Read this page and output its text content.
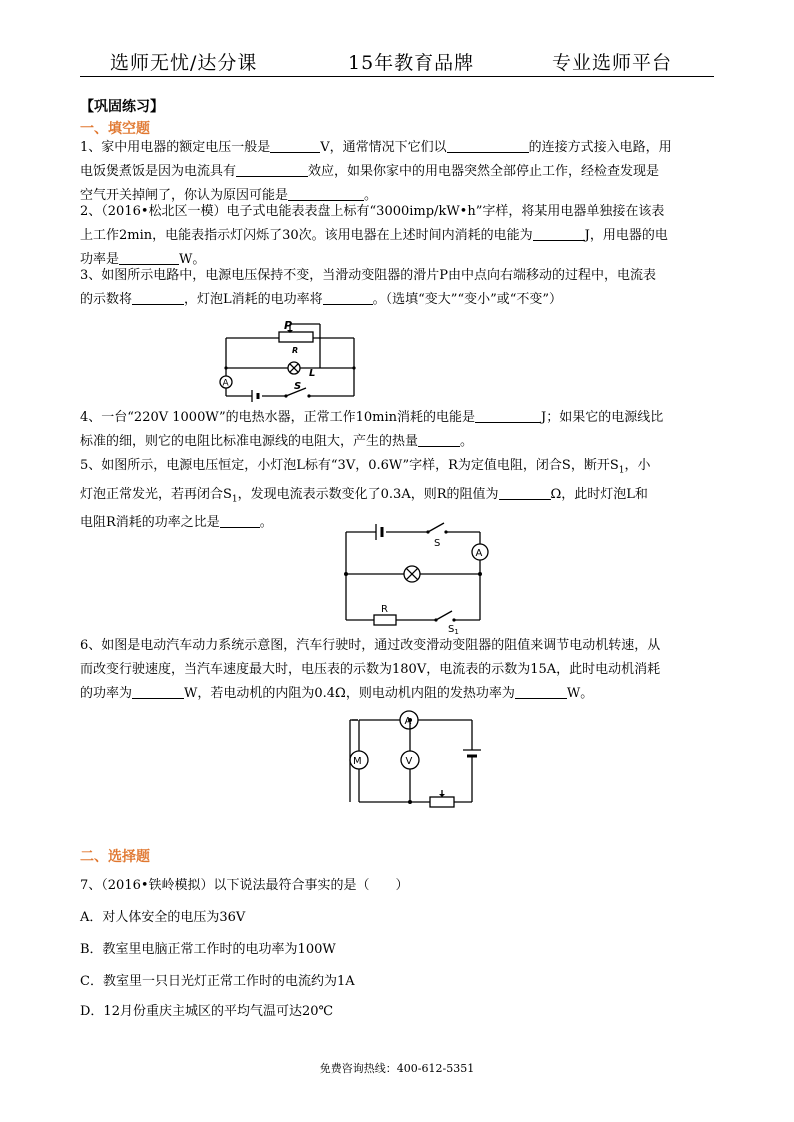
选师无忧/达分课	15年教育品牌	专业选师平台
【巩固练习】
一、填空题

1、家中用电器的额定电压一般是	V，通常情况下它们以	的连接方式接入电路，用

电饭煲煮饭是因为电流具有	效应，如果你家中的用电器突然全部停止工作，经检查发现是

空气开关掉闸了，你认为原因可能是	。

2、（2016•松北区一模）电子式电能表表盘上标有“3000imp/kW•h”字样，将某用电器单独接在该表

上工作2min，电能表指示灯闪烁了30次。该用电器在上述时间内消耗的电能为	J，用电器的电

功率是	W。

3、如图所示电路中，电源电压保持不变，当滑动变阻器的滑片P由中点向右端移动的过程中，电流表

的示数将	，灯泡L消耗的电功率将	。（选填“变大”“变小”或“不变”）

P
R
L
S
A

4、一台“220V 1000W”的电热水器，正常工作10min消耗的电能是	J；如果它的电源线比

标准的细，则它的电阻比标准电源线的电阻大，产生的热量	。

5、如图所示，电源电压恒定，小灯泡L标有“3V，0.6W”字样，R为定值电阻，闭合S，断开$S_1$，小

灯泡正常发光，若再闭合$S_1$，发现电流表示数变化了0.3A，则R的阻值为	Ω，此时灯泡L和

电阻R消耗的功率之比是	。

S
A
R
$S_1$

6、如图是电动汽车动力系统示意图，汽车行驶时，通过改变滑动变阻器的阻值来调节电动机转速，从

而改变行驶速度，当汽车速度最大时，电压表的示数为180V，电流表的示数为15A，此时电动机消耗

的功率为	W，若电动机的内阻为0.4Ω，则电动机内阻的发热功率为	W。

A
M	V
二、选择题
7、（2016•铁岭模拟）以下说法最符合事实的是（　　）
A．对人体安全的电压为36V
B．教室里电脑正常工作时的电功率为100W
C．教室里一只日光灯正常工作时的电流约为1A
D．12月份重庆主城区的平均气温可达20℃
免费咨询热线：400-612-5351
